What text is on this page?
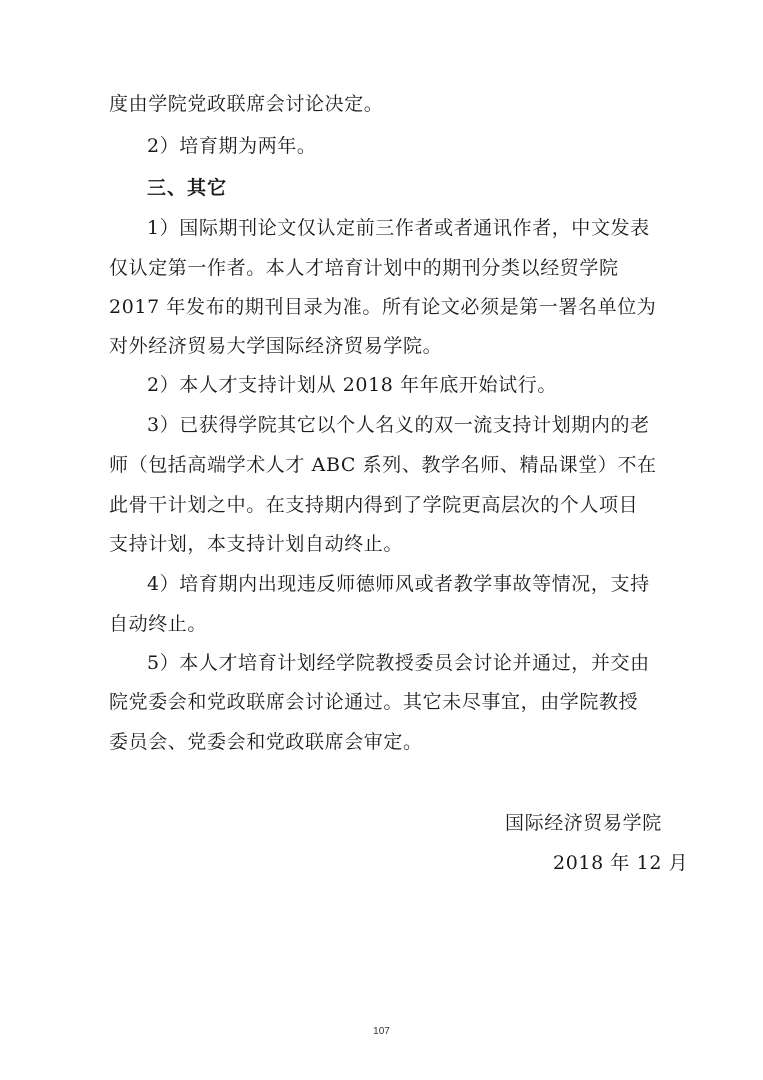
度由学院党政联席会讨论决定。
2）培育期为两年。
三、其它
1）国际期刊论文仅认定前三作者或者通讯作者，中文发表
仅认定第一作者。本人才培育计划中的期刊分类以经贸学院
2017 年发布的期刊目录为准。所有论文必须是第一署名单位为
对外经济贸易大学国际经济贸易学院。
2）本人才支持计划从 2018 年年底开始试行。
3）已获得学院其它以个人名义的双一流支持计划期内的老
师（包括高端学术人才 ABC 系列、教学名师、精品课堂）不在
此骨干计划之中。在支持期内得到了学院更高层次的个人项目
支持计划，本支持计划自动终止。
4）培育期内出现违反师德师风或者教学事故等情况，支持
自动终止。
5）本人才培育计划经学院教授委员会讨论并通过，并交由
院党委会和党政联席会讨论通过。其它未尽事宜，由学院教授
委员会、党委会和党政联席会审定。
国际经济贸易学院
2018 年 12 月
107
